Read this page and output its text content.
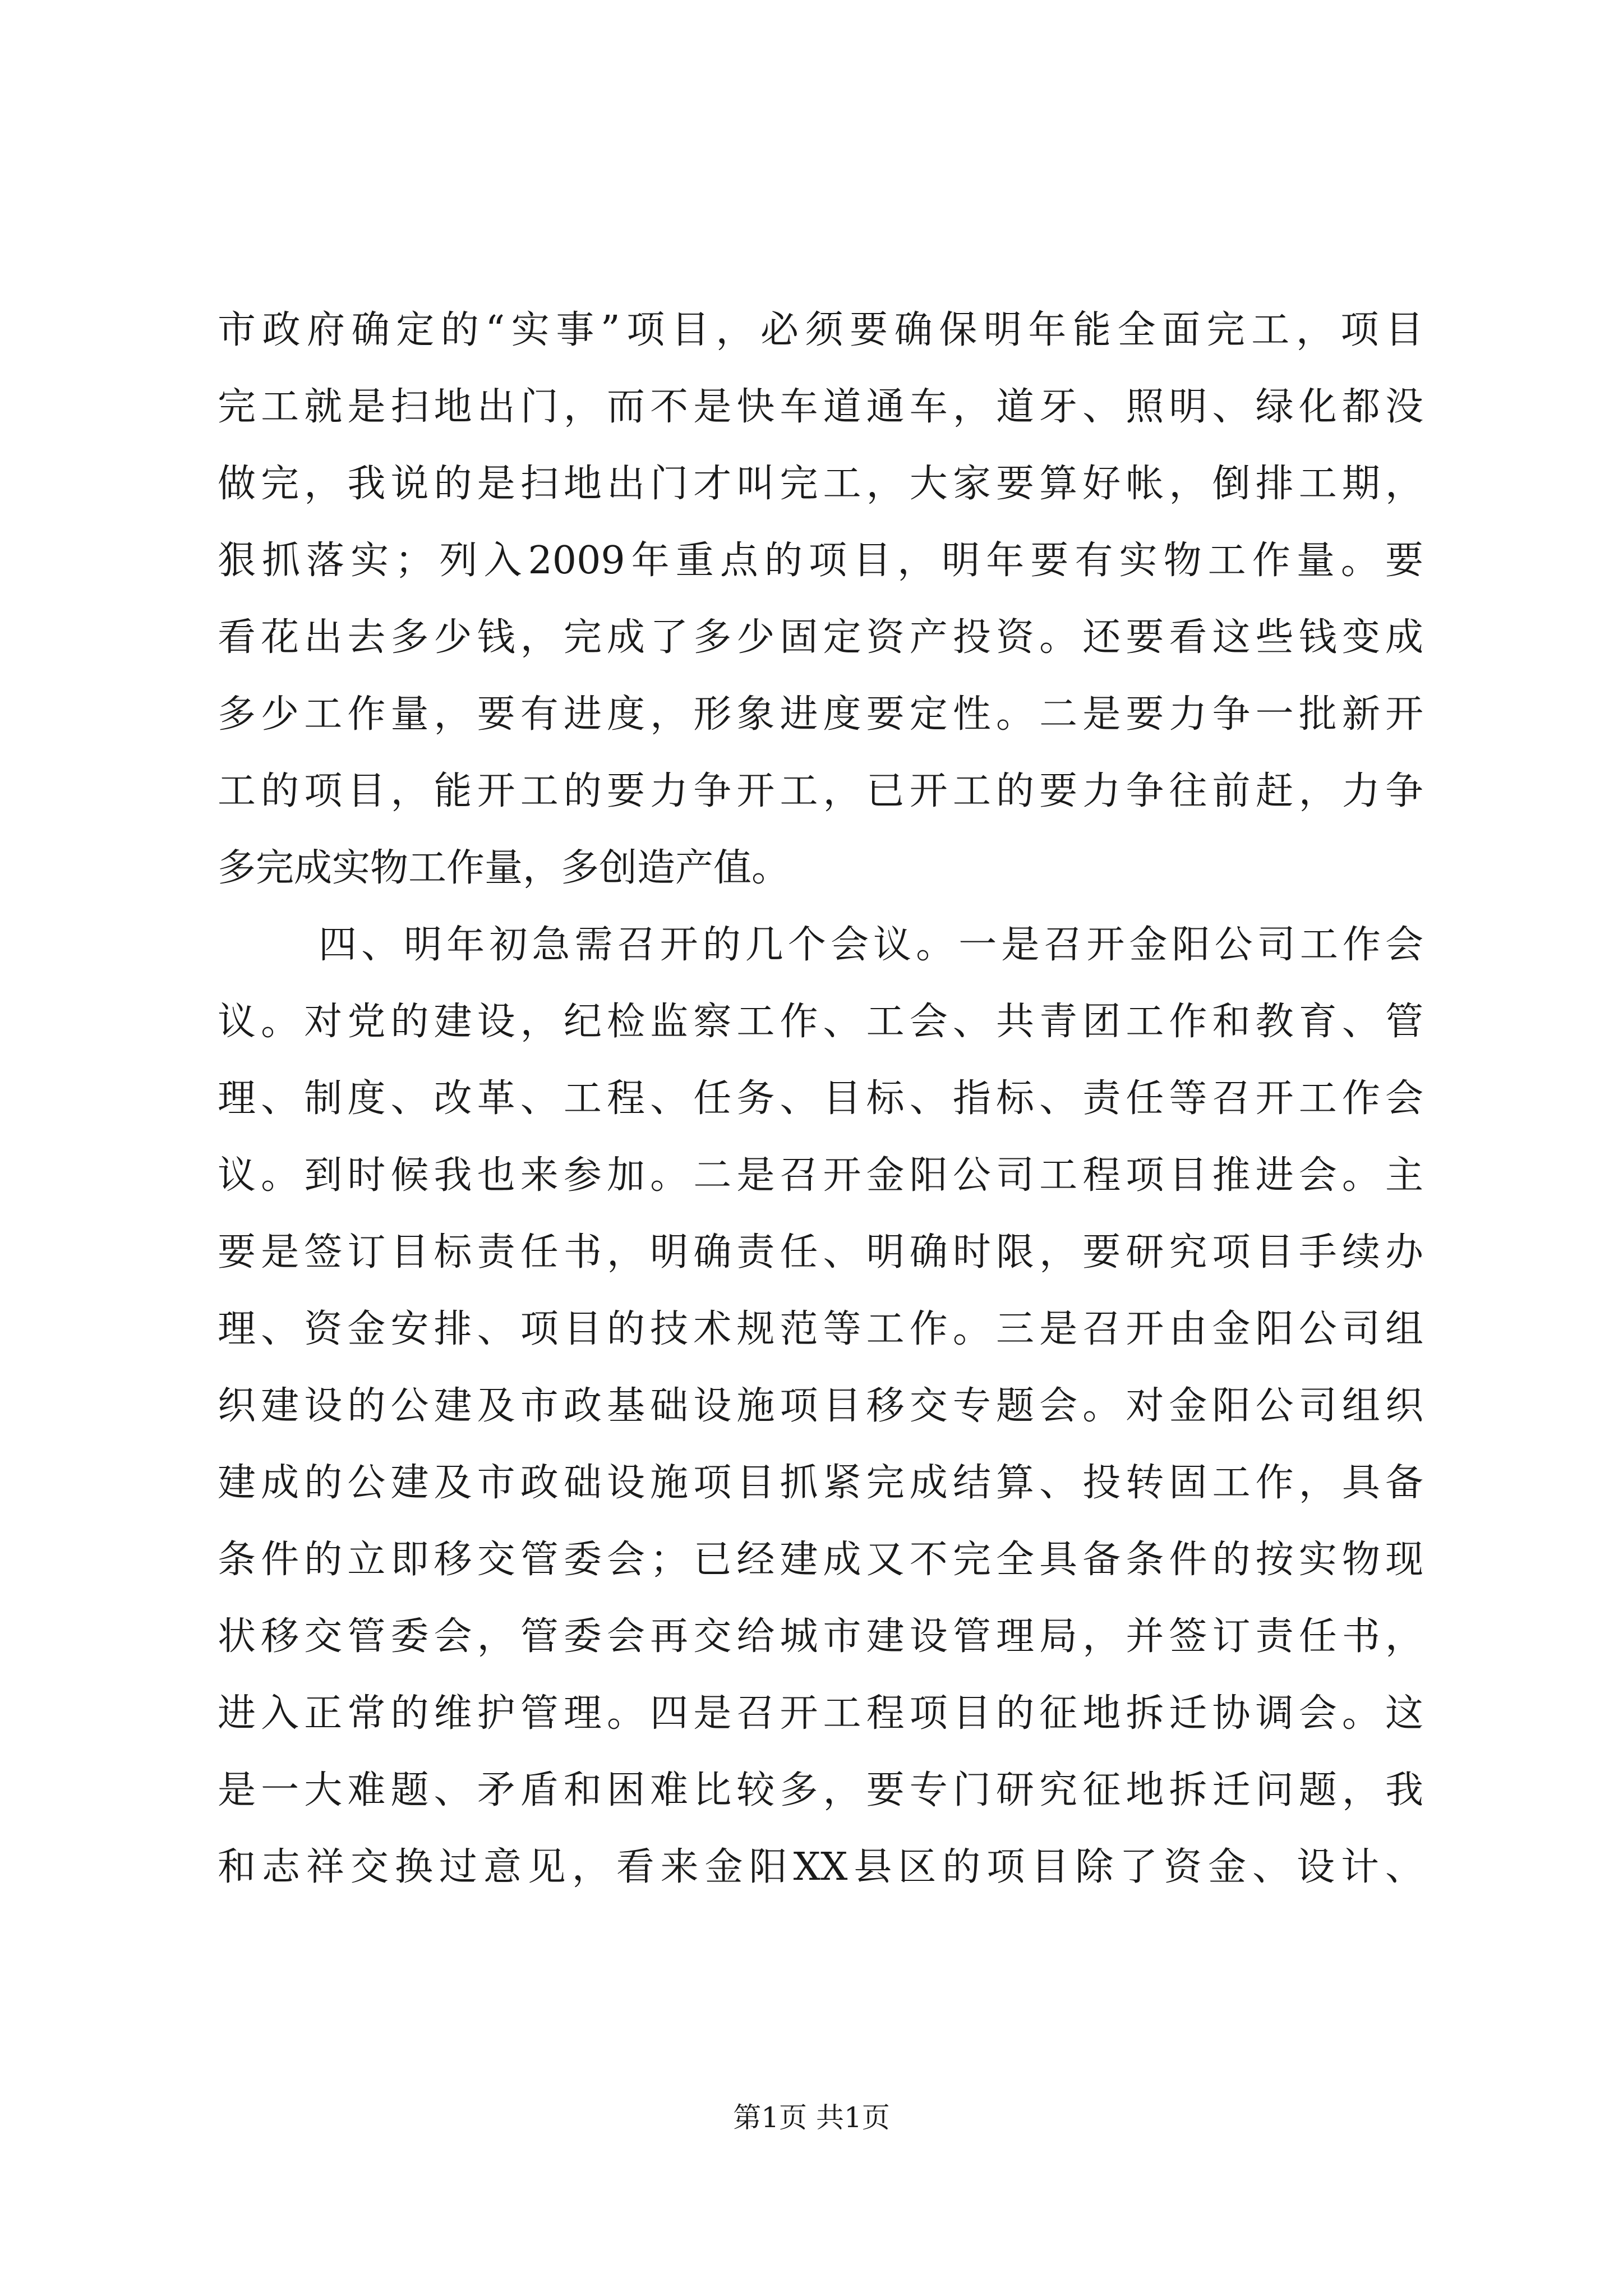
市政府确定的“实事”项目，必须要确保明年能全面完工，项目
完工就是扫地出门，而不是快车道通车，道牙、照明、绿化都没
做完，我说的是扫地出门才叫完工，大家要算好帐，倒排工期，
狠抓落实；列入2009年重点的项目，明年要有实物工作量。要
看花出去多少钱，完成了多少固定资产投资。还要看这些钱变成
多少工作量，要有进度，形象进度要定性。二是要力争一批新开
工的项目，能开工的要力争开工，已开工的要力争往前赶，力争
多完成实物工作量，多创造产值。
四、明年初急需召开的几个会议。一是召开金阳公司工作会
议。对党的建设，纪检监察工作、工会、共青团工作和教育、管
理、制度、改革、工程、任务、目标、指标、责任等召开工作会
议。到时候我也来参加。二是召开金阳公司工程项目推进会。主
要是签订目标责任书，明确责任、明确时限，要研究项目手续办
理、资金安排、项目的技术规范等工作。三是召开由金阳公司组
织建设的公建及市政基础设施项目移交专题会。对金阳公司组织
建成的公建及市政础设施项目抓紧完成结算、投转固工作，具备
条件的立即移交管委会；已经建成又不完全具备条件的按实物现
状移交管委会，管委会再交给城市建设管理局，并签订责任书，
进入正常的维护管理。四是召开工程项目的征地拆迁协调会。这
是一大难题、矛盾和困难比较多，要专门研究征地拆迁问题，我
和志祥交换过意见，看来金阳XX县区的项目除了资金、设计、
第1页 共1页
